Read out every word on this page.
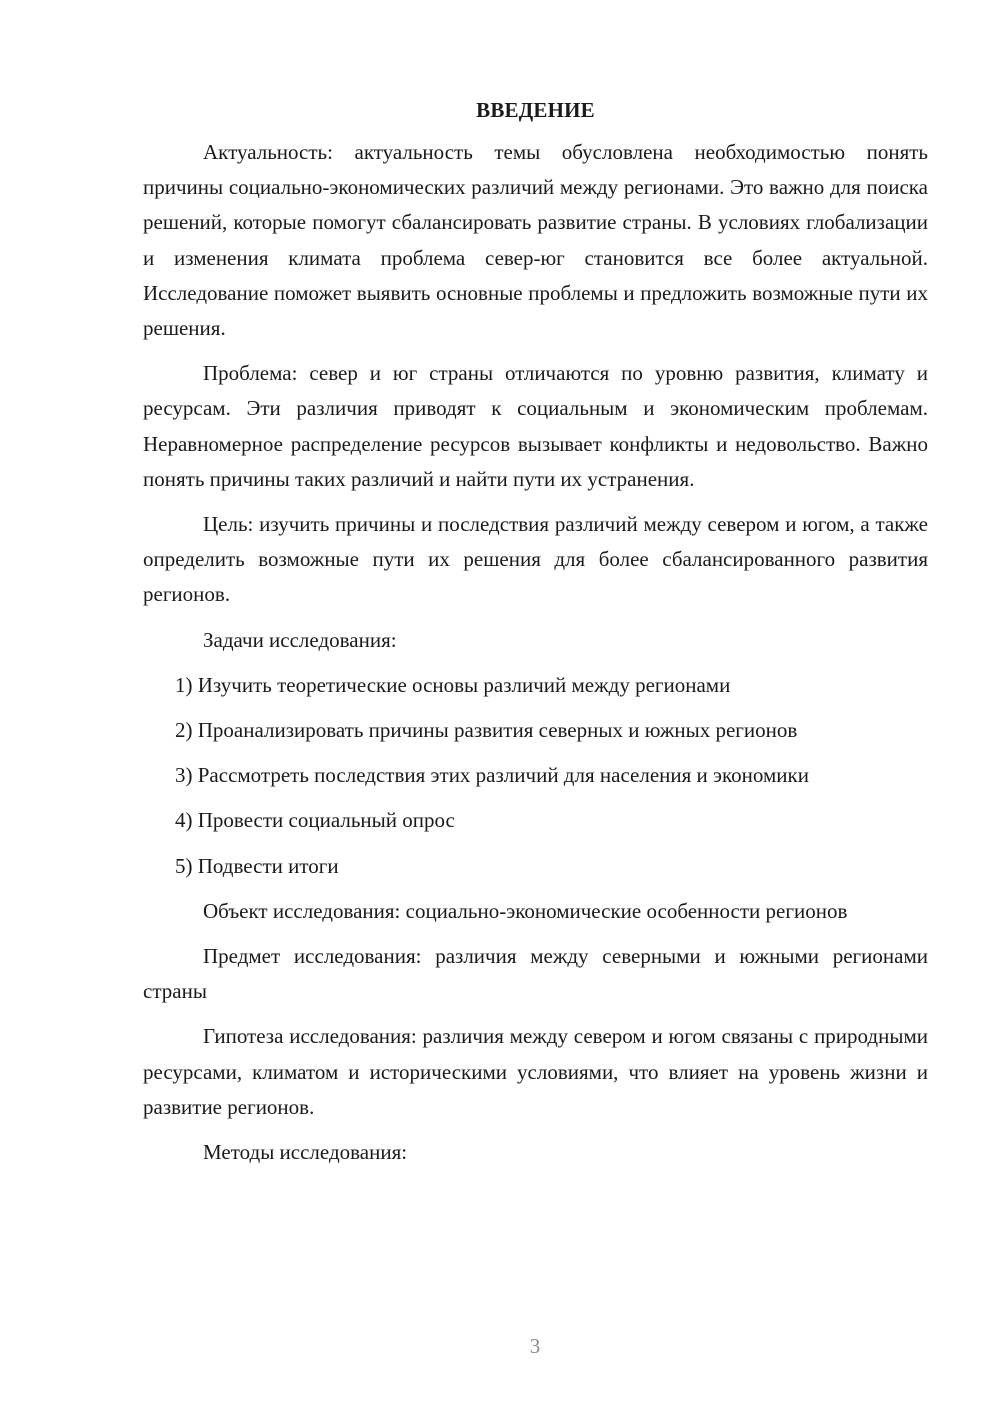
ВВЕДЕНИЕ

Актуальность: актуальность темы обусловлена необходимостью понять причины социально-экономических различий между регионами. Это важно для поиска решений, которые помогут сбалансировать развитие страны. В условиях глобализации и изменения климата проблема север-юг становится все более актуальной. Исследование поможет выявить основные проблемы и предложить возможные пути их решения.

Проблема: север и юг страны отличаются по уровню развития, климату и ресурсам. Эти различия приводят к социальным и экономическим проблемам. Неравномерное распределение ресурсов вызывает конфликты и недовольство. Важно понять причины таких различий и найти пути их устранения.

Цель: изучить причины и последствия различий между севером и югом, а также определить возможные пути их решения для более сбалансированного развития регионов.

Задачи исследования:

1) Изучить теоретические основы различий между регионами

2) Проанализировать причины развития северных и южных регионов

3) Рассмотреть последствия этих различий для населения и экономики

4) Провести социальный опрос

5) Подвести итоги

Объект исследования: социально-экономические особенности регионов

Предмет исследования: различия между северными и южными регионами страны

Гипотеза исследования: различия между севером и югом связаны с природными ресурсами, климатом и историческими условиями, что влияет на уровень жизни и развитие регионов.

Методы исследования:

3
